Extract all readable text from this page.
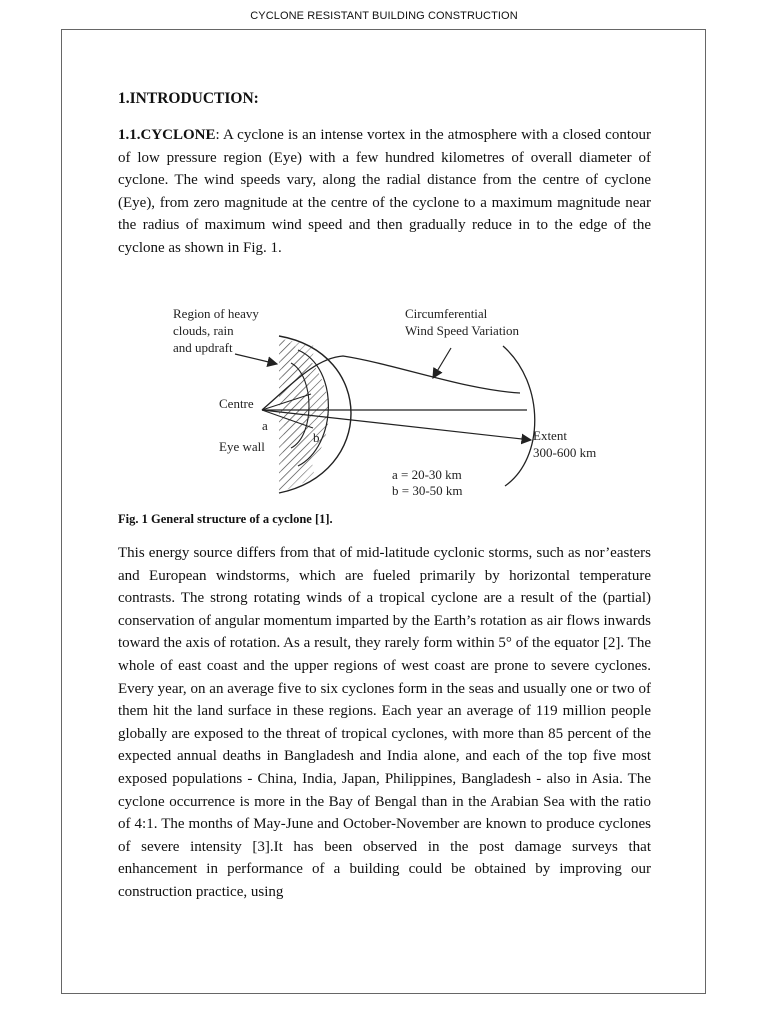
CYCLONE RESISTANT BUILDING CONSTRUCTION
1.INTRODUCTION:

1.1.CYCLONE: A cyclone is an intense vortex in the atmosphere with a closed contour of low pressure region (Eye) with a few hundred kilometres of overall diameter of cyclone. The wind speeds vary, along the radial distance from the centre of cyclone (Eye), from zero magnitude at the centre of the cyclone to a maximum magnitude near the radius of maximum wind speed and then gradually reduce in to the edge of the cyclone as shown in Fig. 1.

Region of heavy
clouds, rain
and updraft
Circumferential
Wind Speed Variation
Centre
a
b
Eye wall
Extent
300-600 km
a = 20-30 km
b = 30-50 km

Fig. 1 General structure of a cyclone [1].

This energy source differs from that of mid-latitude cyclonic storms, such as nor’easters and European windstorms, which are fueled primarily by horizontal temperature contrasts. The strong rotating winds of a tropical cyclone are a result of the (partial) conservation of angular momentum imparted by the Earth’s rotation as air flows inwards toward the axis of rotation. As a result, they rarely form within 5° of the equator [2]. The whole of east coast and the upper regions of west coast are prone to severe cyclones. Every year, on an average five to six cyclones form in the seas and usually one or two of them hit the land surface in these regions. Each year an average of 119 million people globally are exposed to the threat of tropical cyclones, with more than 85 percent of the expected annual deaths in Bangladesh and India alone, and each of the top five most exposed populations - China, India, Japan, Philippines, Bangladesh - also in Asia. The cyclone occurrence is more in the Bay of Bengal than in the Arabian Sea with the ratio of 4:1. The months of May-June and October-November are known to produce cyclones of severe intensity [3].It has been observed in the post damage surveys that enhancement in performance of a building could be obtained by improving our construction practice, using
